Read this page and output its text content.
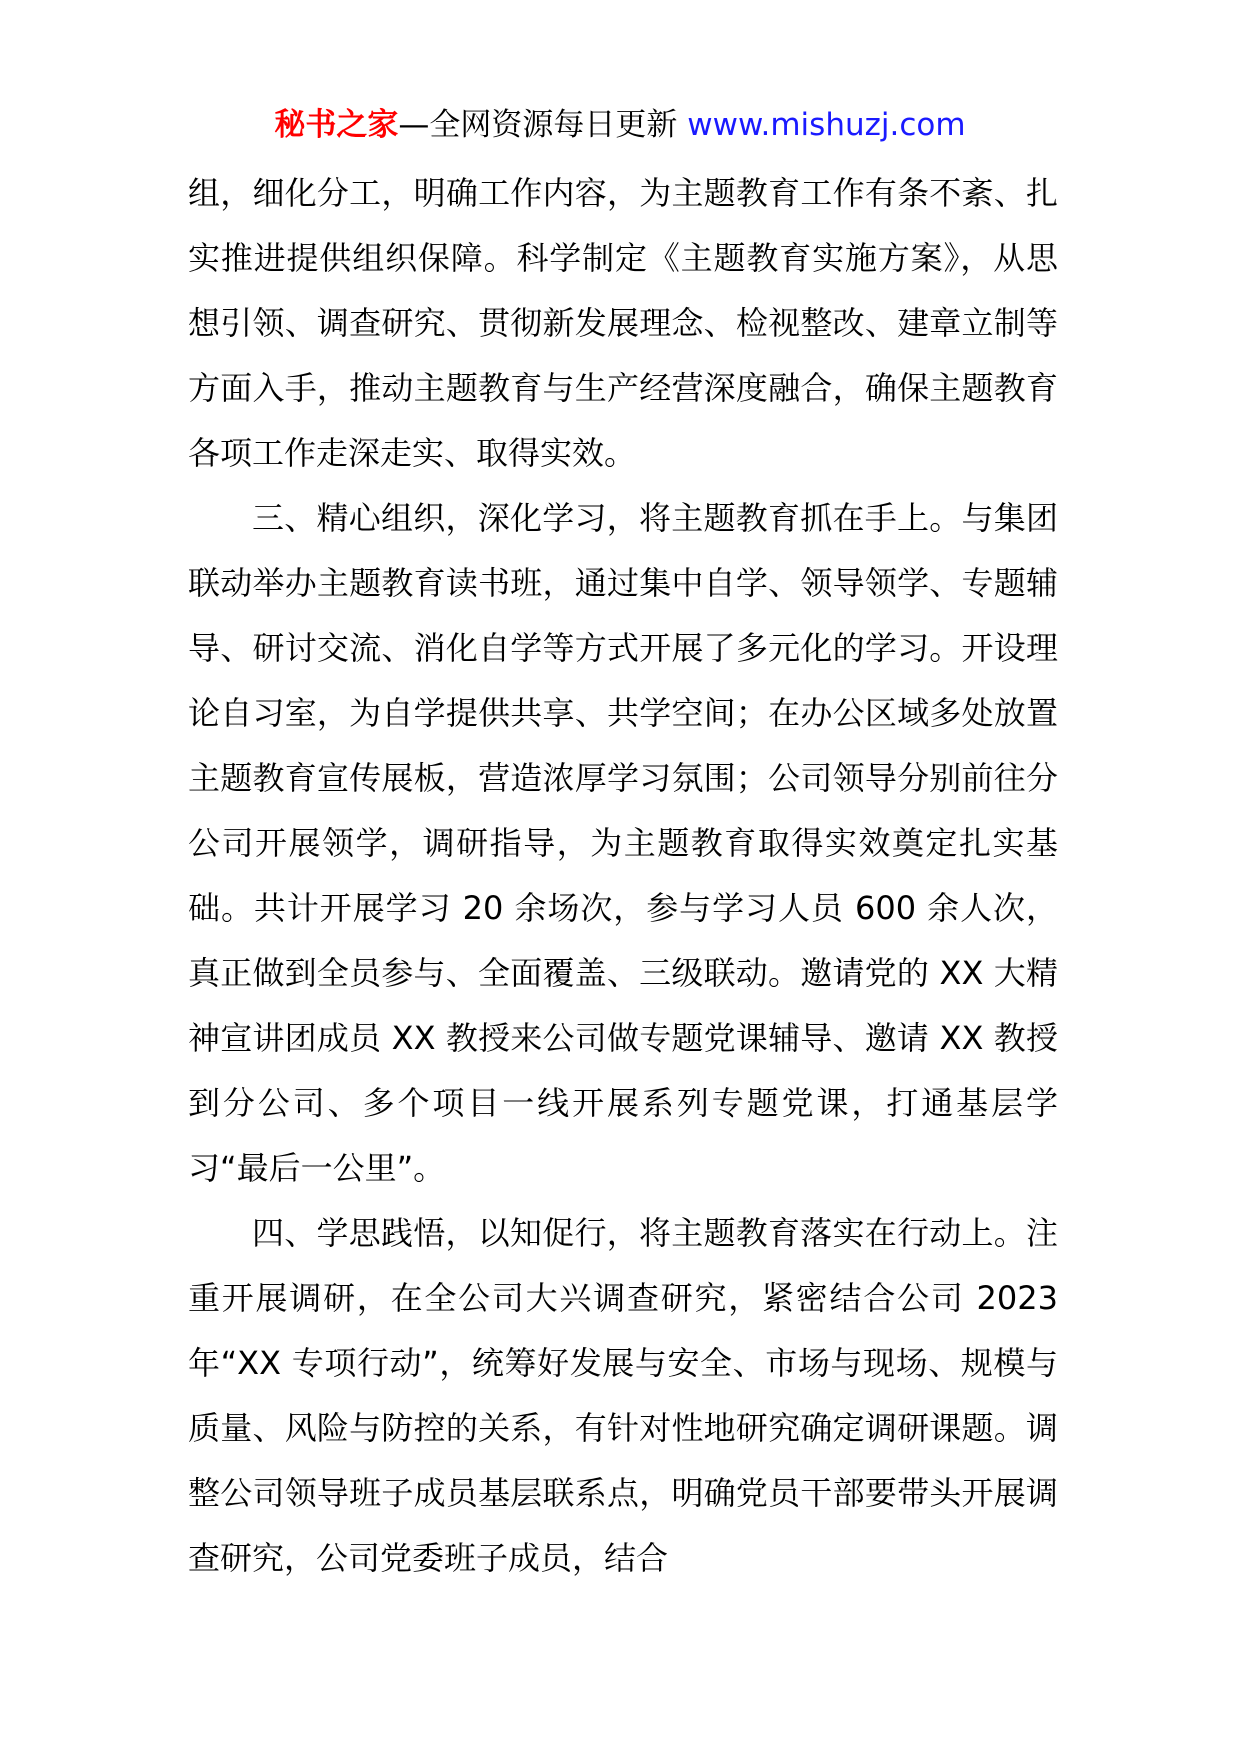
秘书之家—全网资源每日更新 www.mishuzj.com

组，细化分工，明确工作内容，为主题教育工作有条不紊、扎实推进提供组织保障。科学制定《主题教育实施方案》，从思想引领、调查研究、贯彻新发展理念、检视整改、建章立制等方面入手，推动主题教育与生产经营深度融合，确保主题教育各项工作走深走实、取得实效。

三、精心组织，深化学习，将主题教育抓在手上。与集团联动举办主题教育读书班，通过集中自学、领导领学、专题辅导、研讨交流、消化自学等方式开展了多元化的学习。开设理论自习室，为自学提供共享、共学空间；在办公区域多处放置主题教育宣传展板，营造浓厚学习氛围；公司领导分别前往分公司开展领学，调研指导，为主题教育取得实效奠定扎实基础。共计开展学习 20 余场次，参与学习人员 600 余人次，真正做到全员参与、全面覆盖、三级联动。邀请党的 XX 大精神宣讲团成员 XX 教授来公司做专题党课辅导、邀请 XX 教授到分公司、多个项目一线开展系列专题党课，打通基层学习“最后一公里”。

四、学思践悟，以知促行，将主题教育落实在行动上。注重开展调研，在全公司大兴调查研究，紧密结合公司 2023 年“XX 专项行动”，统筹好发展与安全、市场与现场、规模与质量、风险与防控的关系，有针对性地研究确定调研课题。调整公司领导班子成员基层联系点，明确党员干部要带头开展调查研究，公司党委班子成员，结合
